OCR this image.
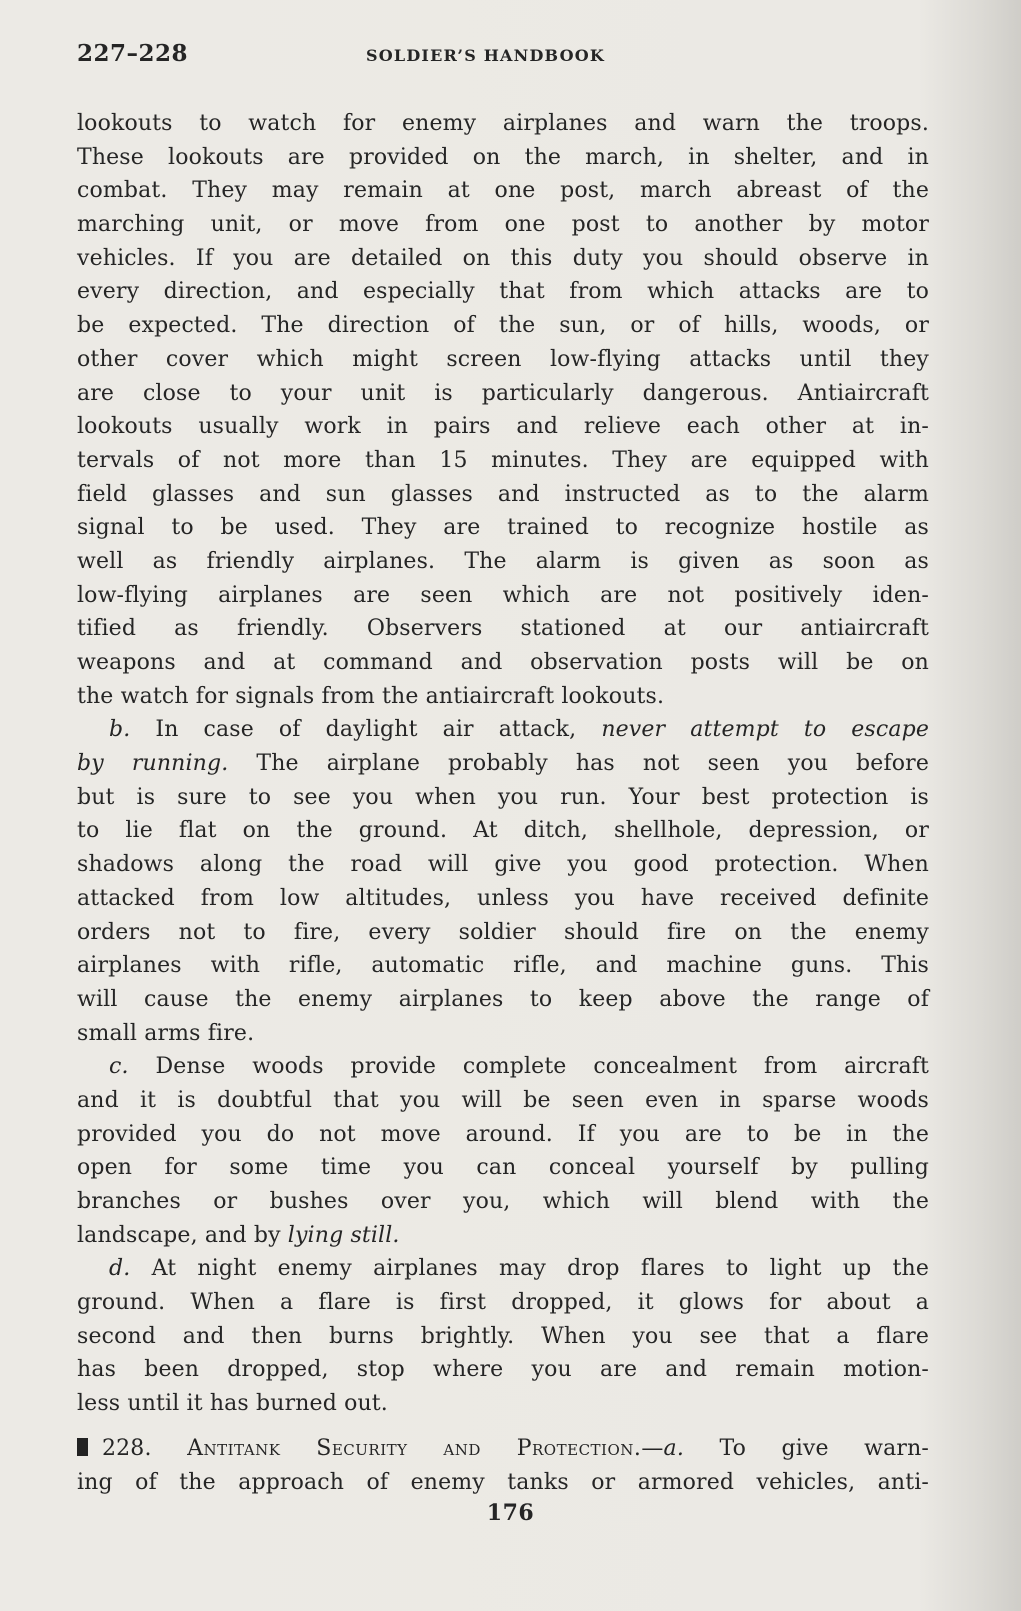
227–228	SOLDIER’S HANDBOOK
lookouts to watch for enemy airplanes and warn the troops.
These lookouts are provided on the march, in shelter, and in
combat. They may remain at one post, march abreast of the
marching unit, or move from one post to another by motor
vehicles. If you are detailed on this duty you should observe in
every direction, and especially that from which attacks are to
be expected. The direction of the sun, or of hills, woods, or
other cover which might screen low-flying attacks until they
are close to your unit is particularly dangerous. Antiaircraft
lookouts usually work in pairs and relieve each other at in-
tervals of not more than 15 minutes. They are equipped with
field glasses and sun glasses and instructed as to the alarm
signal to be used. They are trained to recognize hostile as
well as friendly airplanes. The alarm is given as soon as
low-flying airplanes are seen which are not positively iden-
tified as friendly. Observers stationed at our antiaircraft
weapons and at command and observation posts will be on
the watch for signals from the antiaircraft lookouts.
b. In case of daylight air attack, never attempt to escape
by running. The airplane probably has not seen you before
but is sure to see you when you run. Your best protection is
to lie flat on the ground. At ditch, shellhole, depression, or
shadows along the road will give you good protection. When
attacked from low altitudes, unless you have received definite
orders not to fire, every soldier should fire on the enemy
airplanes with rifle, automatic rifle, and machine guns. This
will cause the enemy airplanes to keep above the range of
small arms fire.
c. Dense woods provide complete concealment from aircraft
and it is doubtful that you will be seen even in sparse woods
provided you do not move around. If you are to be in the
open for some time you can conceal yourself by pulling
branches or bushes over you, which will blend with the
landscape, and by lying still.
d. At night enemy airplanes may drop flares to light up the
ground. When a flare is first dropped, it glows for about a
second and then burns brightly. When you see that a flare
has been dropped, stop where you are and remain motion-
less until it has burned out.
228. Antitank Security and Protection.—a. To give warn-
ing of the approach of enemy tanks or armored vehicles, anti-
176
